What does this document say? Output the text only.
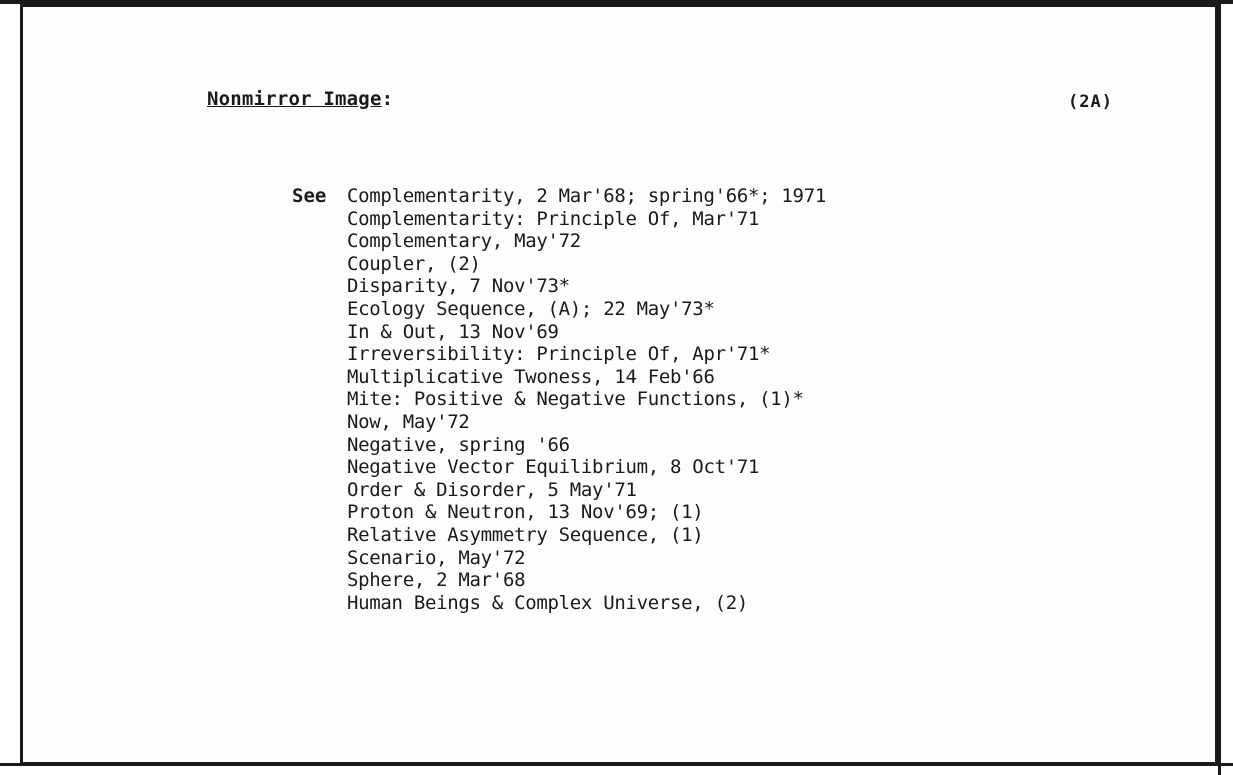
Nonmirror Image:	(2A)
See Complementarity, 2 Mar'68; spring'66*; 1971
Complementarity: Principle Of, Mar'71
Complementary, May'72
Coupler, (2)
Disparity, 7 Nov'73*
Ecology Sequence, (A); 22 May'73*
In & Out, 13 Nov'69
Irreversibility: Principle Of, Apr'71*
Multiplicative Twoness, 14 Feb'66
Mite: Positive & Negative Functions, (1)*
Now, May'72
Negative, spring '66
Negative Vector Equilibrium, 8 Oct'71
Order & Disorder, 5 May'71
Proton & Neutron, 13 Nov'69; (1)
Relative Asymmetry Sequence, (1)
Scenario, May'72
Sphere, 2 Mar'68
Human Beings & Complex Universe, (2)
